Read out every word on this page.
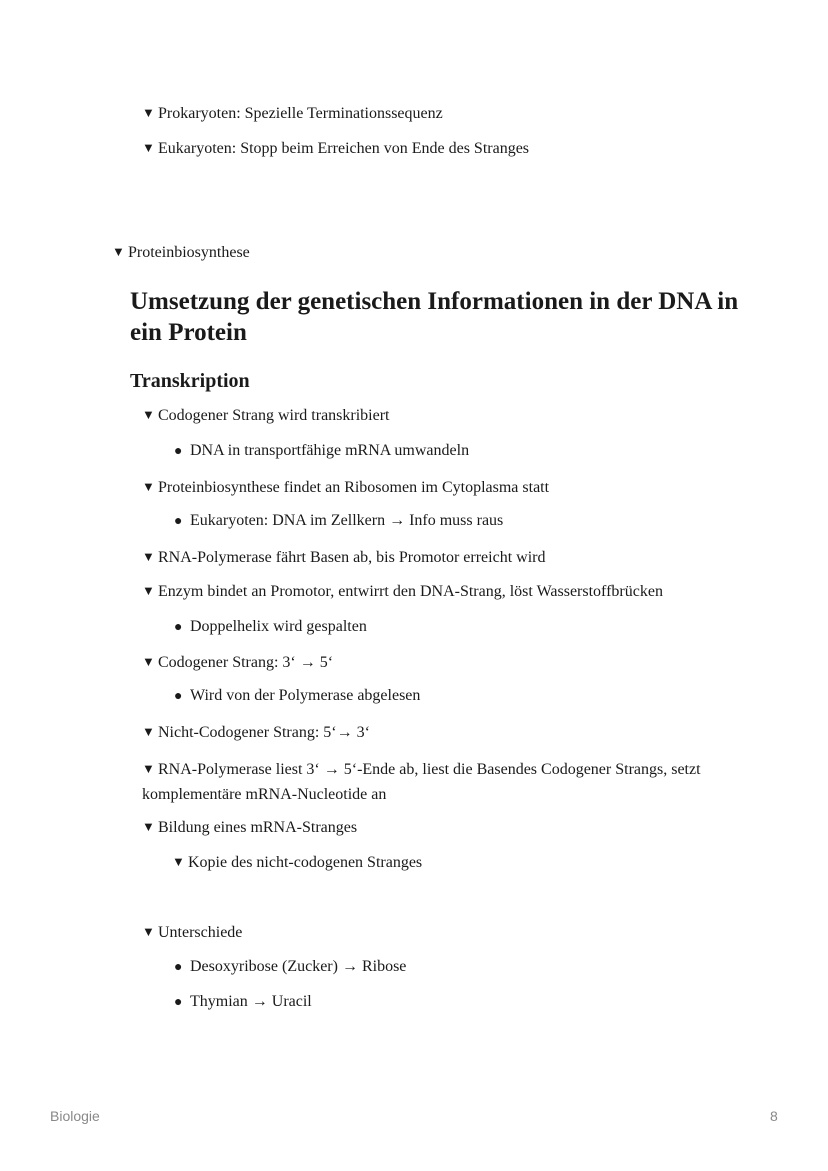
▼ Prokaryoten: Spezielle Terminationssequenz
▼ Eukaryoten: Stopp beim Erreichen von Ende des Stranges
▼ Proteinbiosynthese
Umsetzung der genetischen Informationen in der DNA in ein Protein
Transkription
▼ Codogener Strang wird transkribiert
● DNA in transportfähige mRNA umwandeln
▼ Proteinbiosynthese findet an Ribosomen im Cytoplasma statt
● Eukaryoten: DNA im Zellkern → Info muss raus
▼ RNA-Polymerase fährt Basen ab, bis Promotor erreicht wird
▼ Enzym bindet an Promotor, entwirrt den DNA-Strang, löst Wasserstoffbrücken
● Doppelhelix wird gespalten
▼ Codogener Strang: 3‘ → 5‘
● Wird von der Polymerase abgelesen
▼ Nicht-Codogener Strang: 5‘→ 3‘
▼ RNA-Polymerase liest 3‘ → 5‘-Ende ab, liest die Basendes Codogener Strangs, setzt komplementäre mRNA-Nucleotide an
▼ Bildung eines mRNA-Stranges
▼ Kopie des nicht-codogenen Stranges
▼ Unterschiede
● Desoxyribose (Zucker) → Ribose
● Thymian → Uracil
Biologie	8
